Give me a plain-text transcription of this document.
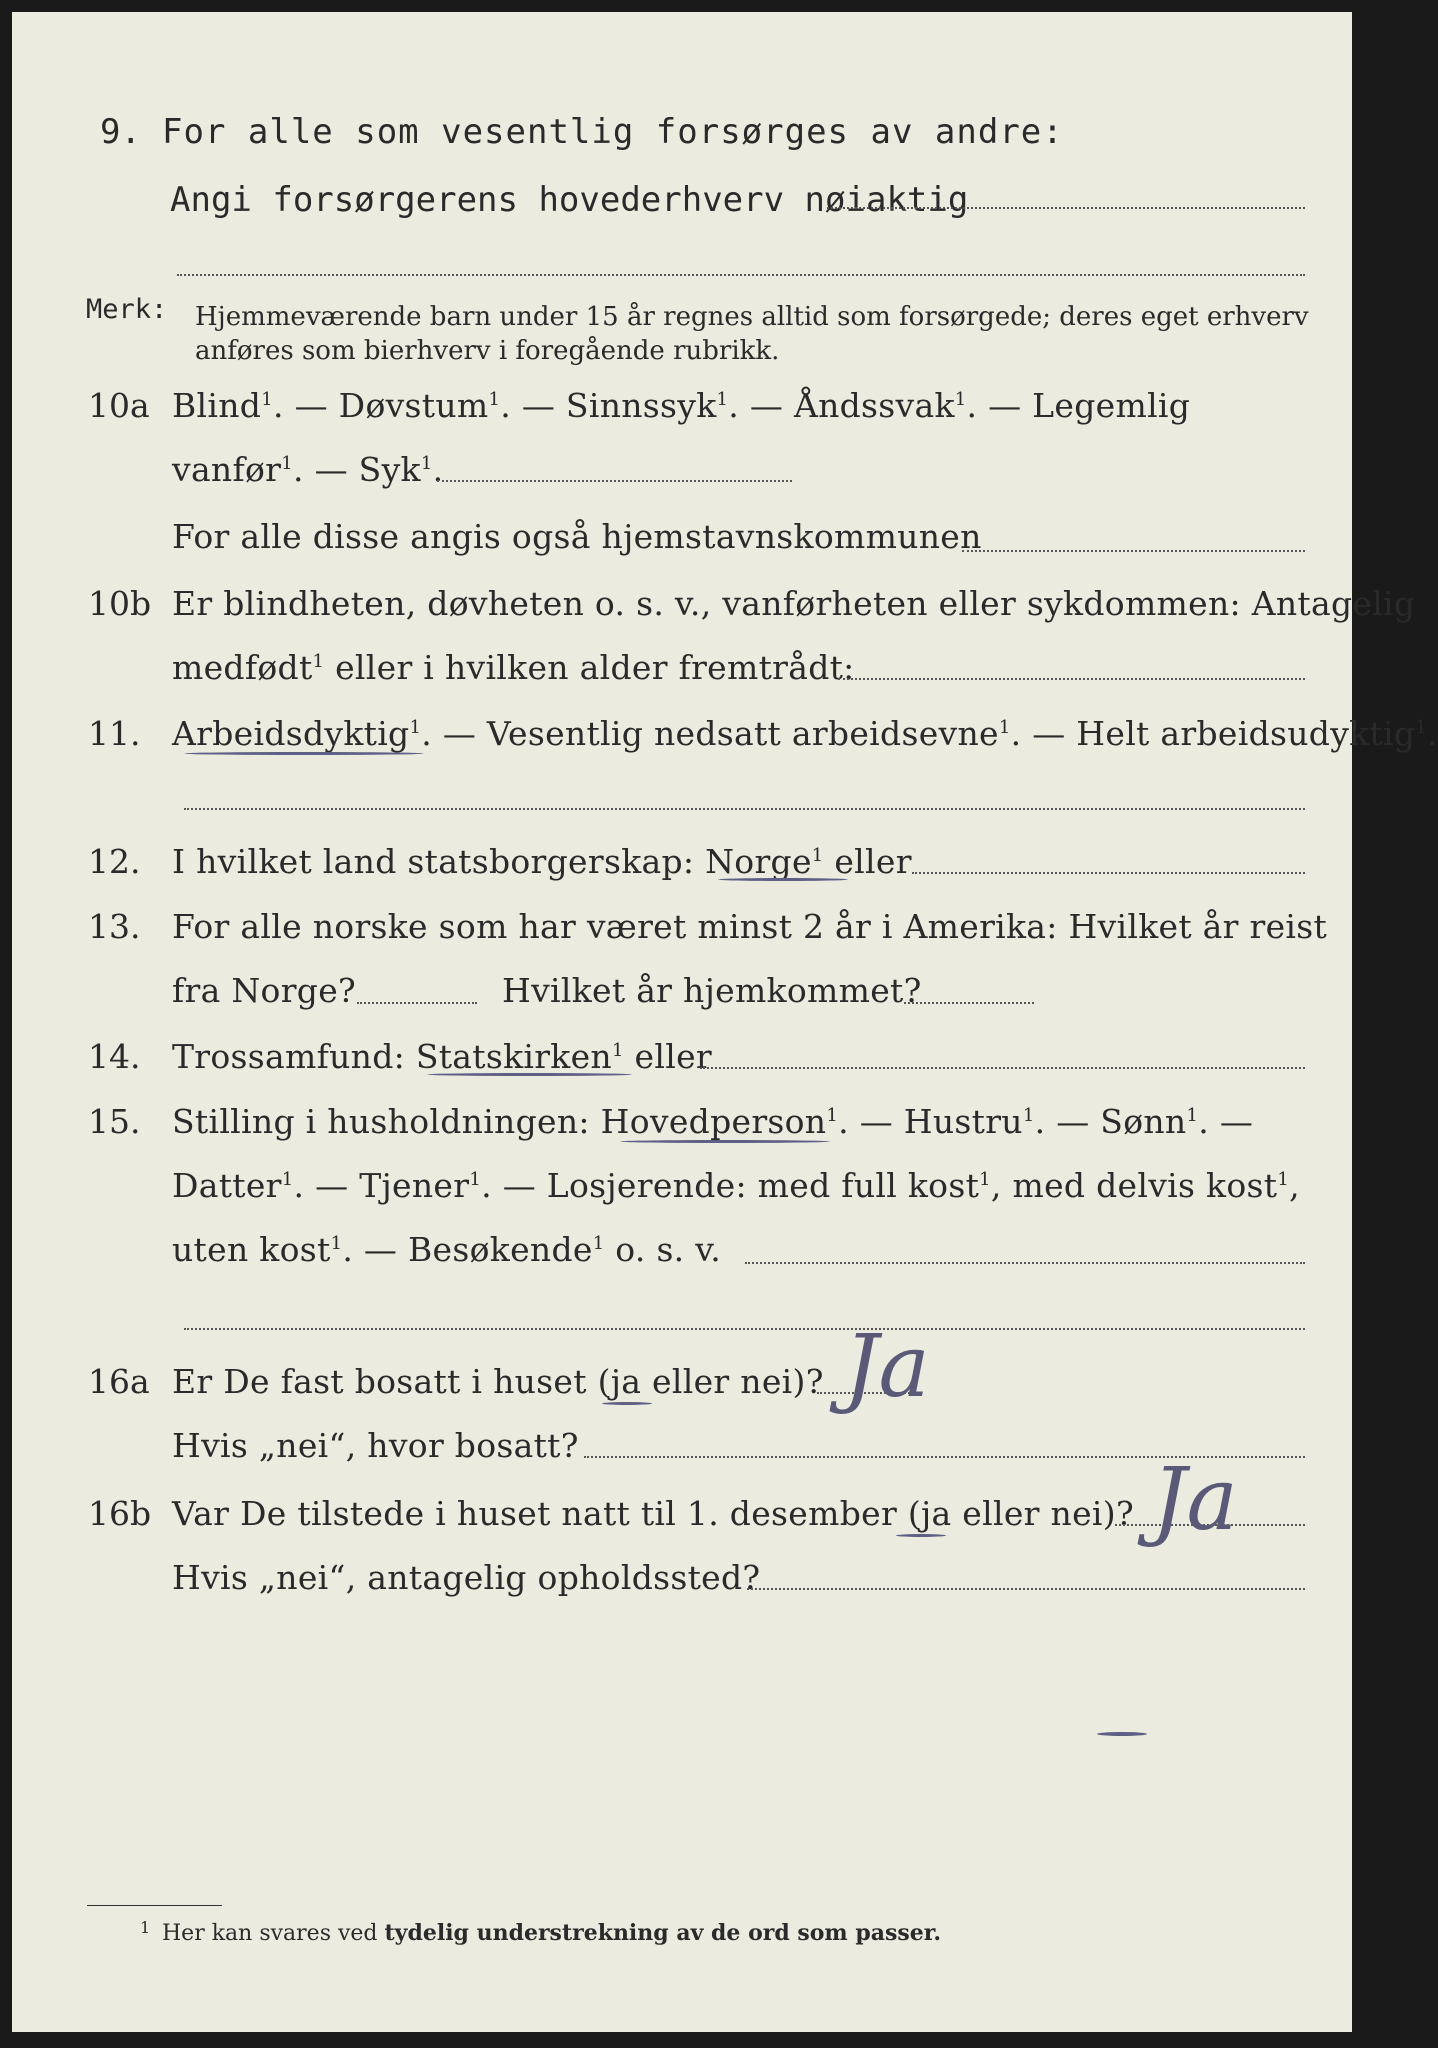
9. For alle som vesentlig forsørges av andre:
Angi forsørgerens hovederhverv nøiaktig
Merk: Hjemmeværende barn under 15 år regnes alltid som forsørgede; deres eget erhverv
anføres som bierhverv i foregående rubrikk.
10a Blind$^1$. — Døvstum$^1$. — Sinnssyk$^1$. — Åndssvak$^1$. — Legemlig
vanfør$^1$. — Syk$^1$.
For alle disse angis også hjemstavnskommunen
10b Er blindheten, døvheten o. s. v., vanførheten eller sykdommen: Antagelig
medfødt$^1$ eller i hvilken alder fremtrådt:
11. Arbeidsdyktig$^1$. — Vesentlig nedsatt arbeidsevne$^1$. — Helt arbeidsudyktig$^1$.
12. I hvilket land statsborgerskap: Norge$^1$ eller
13. For alle norske som har været minst 2 år i Amerika: Hvilket år reist
fra Norge?	Hvilket år hjemkommet?
14. Trossamfund: Statskirken$^1$ eller
15. Stilling i husholdningen: Hovedperson$^1$. — Hustru$^1$. — Sønn$^1$. —
Datter$^1$. — Tjener$^1$. — Losjerende: med full kost$^1$, med delvis kost$^1$,
uten kost$^1$. — Besøkende$^1$ o. s. v.
16a Er De fast bosatt i huset (ja eller nei)? Ja
Hvis „nei“, hvor bosatt?
16b Var De tilstede i huset natt til 1. desember (ja eller nei)? Ja
Hvis „nei“, antagelig opholdssted?
1 Her kan svares ved tydelig understrekning av de ord som passer.
